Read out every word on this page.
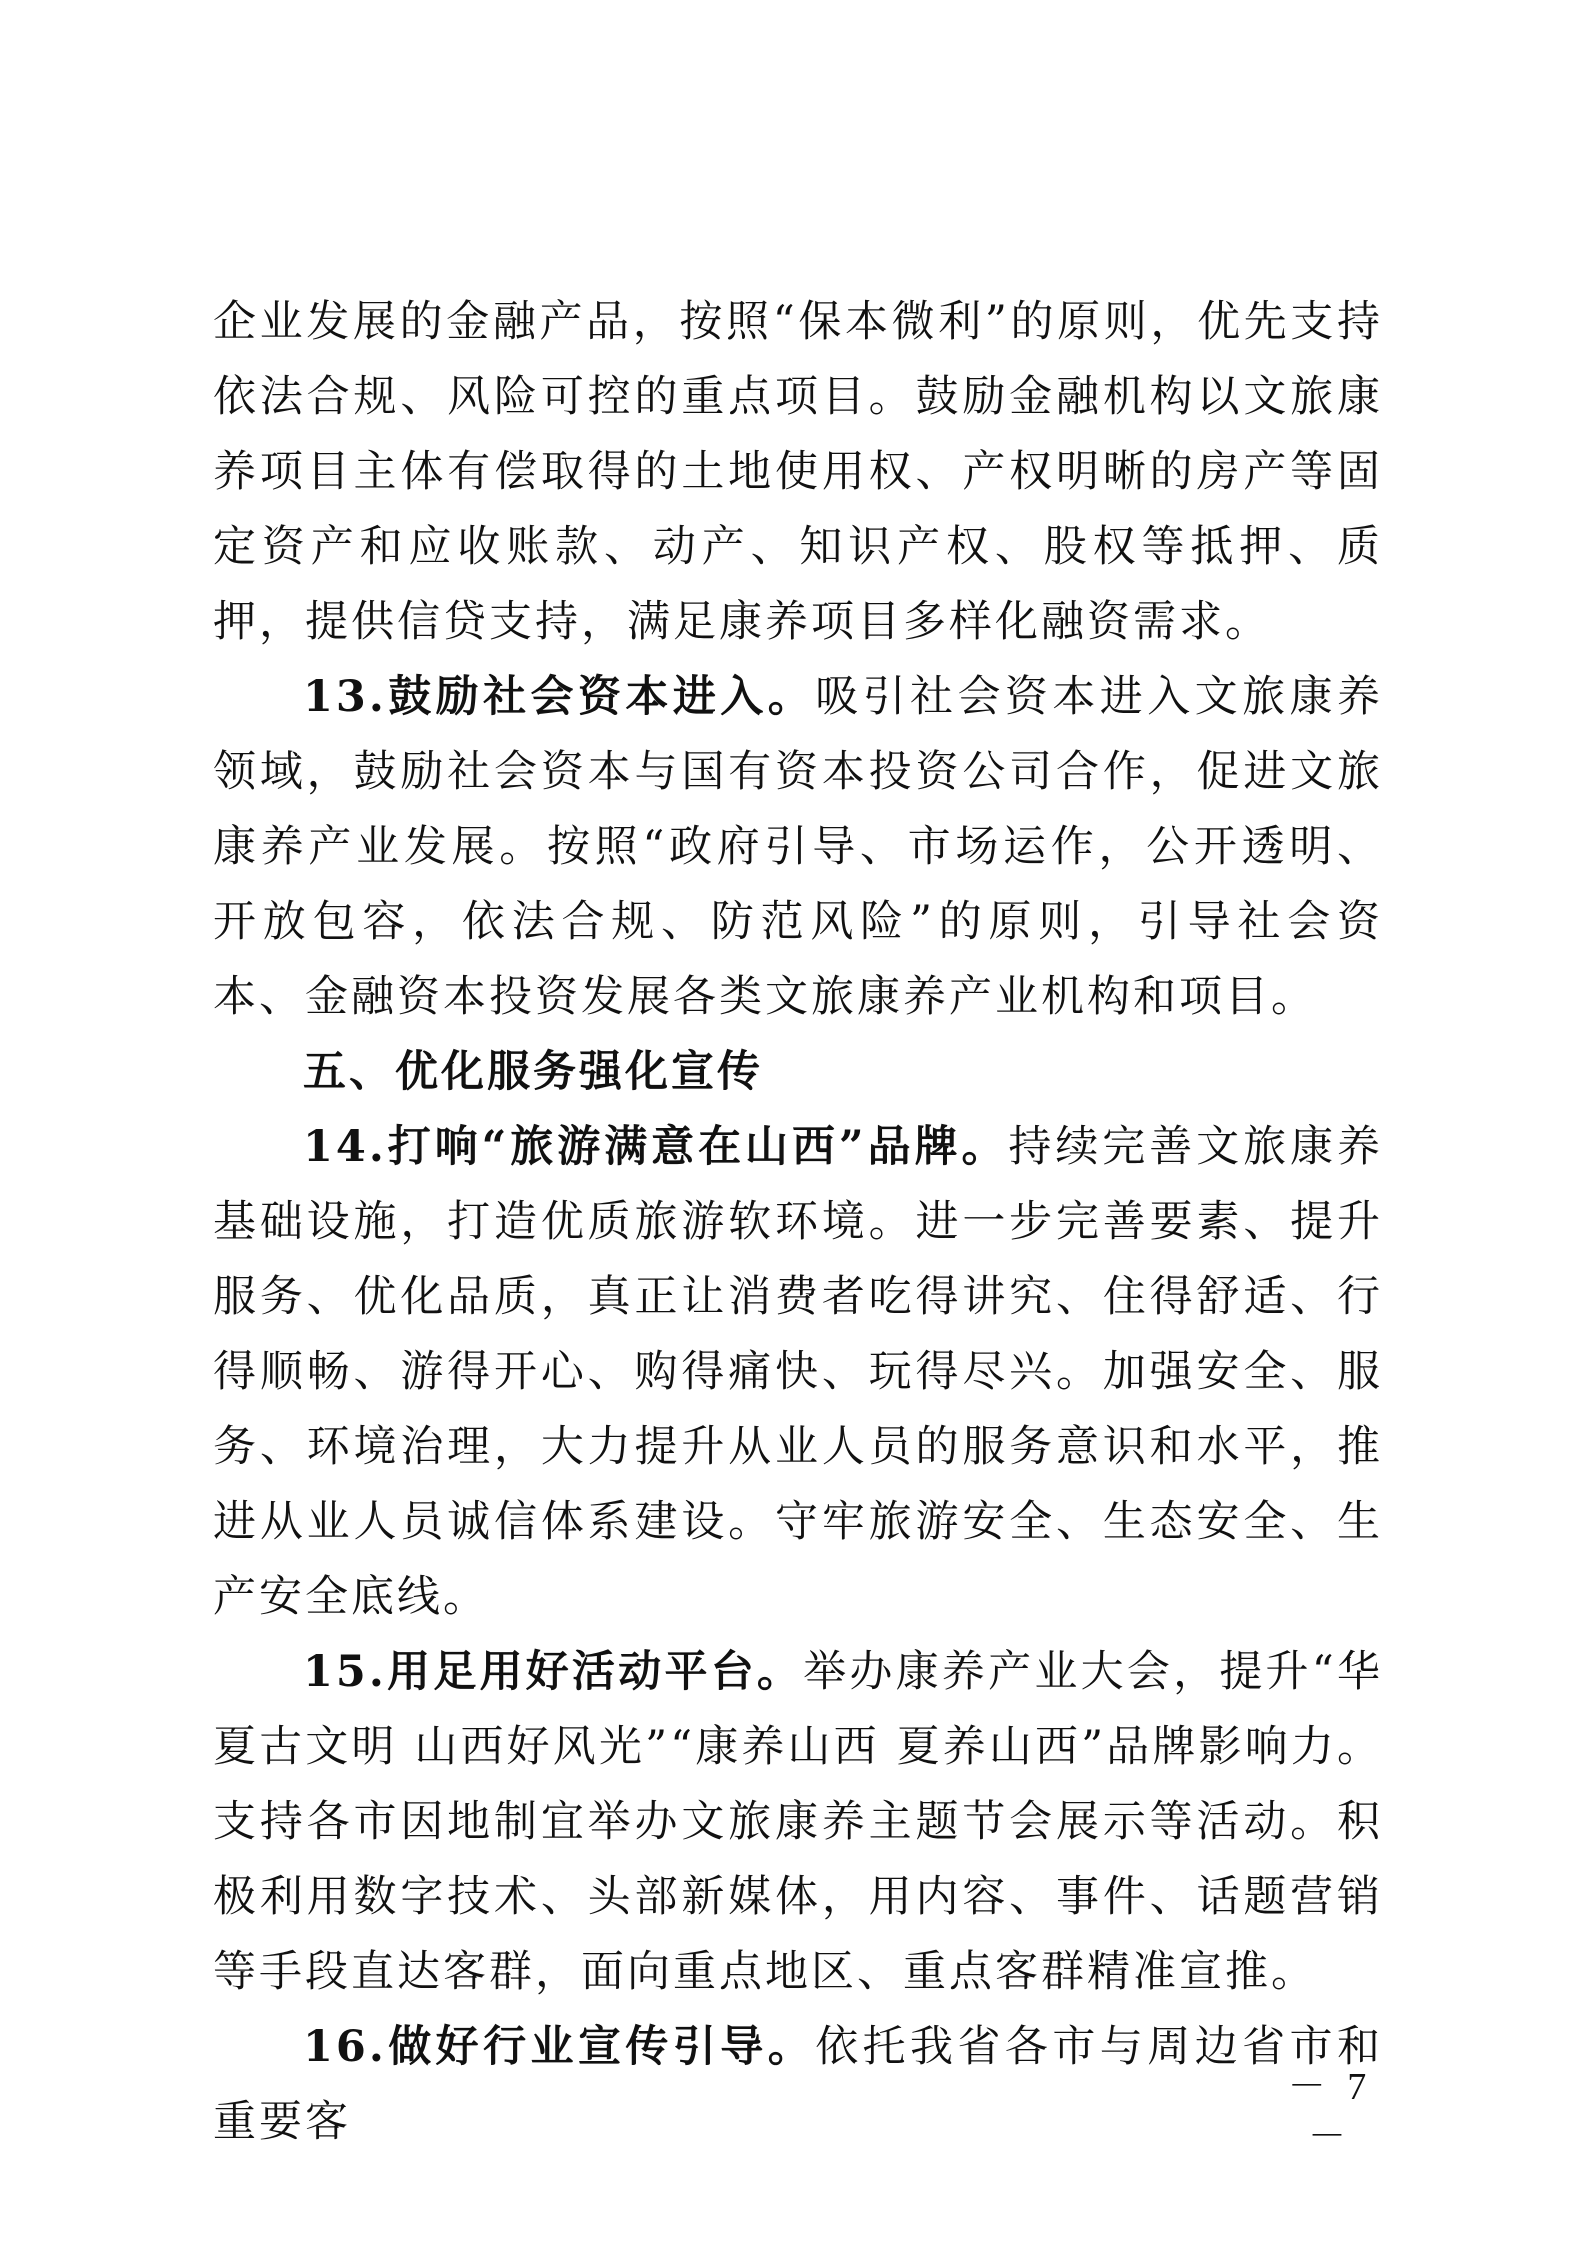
企业发展的金融产品，按照“保本微利”的原则，优先支持依法合规、风险可控的重点项目。鼓励金融机构以文旅康养项目主体有偿取得的土地使用权、产权明晰的房产等固定资产和应收账款、动产、知识产权、股权等抵押、质押，提供信贷支持，满足康养项目多样化融资需求。

13.鼓励社会资本进入。吸引社会资本进入文旅康养领域，鼓励社会资本与国有资本投资公司合作，促进文旅康养产业发展。按照“政府引导、市场运作，公开透明、开放包容，依法合规、防范风险”的原则，引导社会资本、金融资本投资发展各类文旅康养产业机构和项目。

五、优化服务强化宣传

14.打响“旅游满意在山西”品牌。持续完善文旅康养基础设施，打造优质旅游软环境。进一步完善要素、提升服务、优化品质，真正让消费者吃得讲究、住得舒适、行得顺畅、游得开心、购得痛快、玩得尽兴。加强安全、服务、环境治理，大力提升从业人员的服务意识和水平，推进从业人员诚信体系建设。守牢旅游安全、生态安全、生产安全底线。

15.用足用好活动平台。举办康养产业大会，提升“华夏古文明 山西好风光”“康养山西 夏养山西”品牌影响力。支持各市因地制宜举办文旅康养主题节会展示等活动。积极利用数字技术、头部新媒体，用内容、事件、话题营销等手段直达客群，面向重点地区、重点客群精准宣推。

16.做好行业宣传引导。依托我省各市与周边省市和重要客

－ 7 －
